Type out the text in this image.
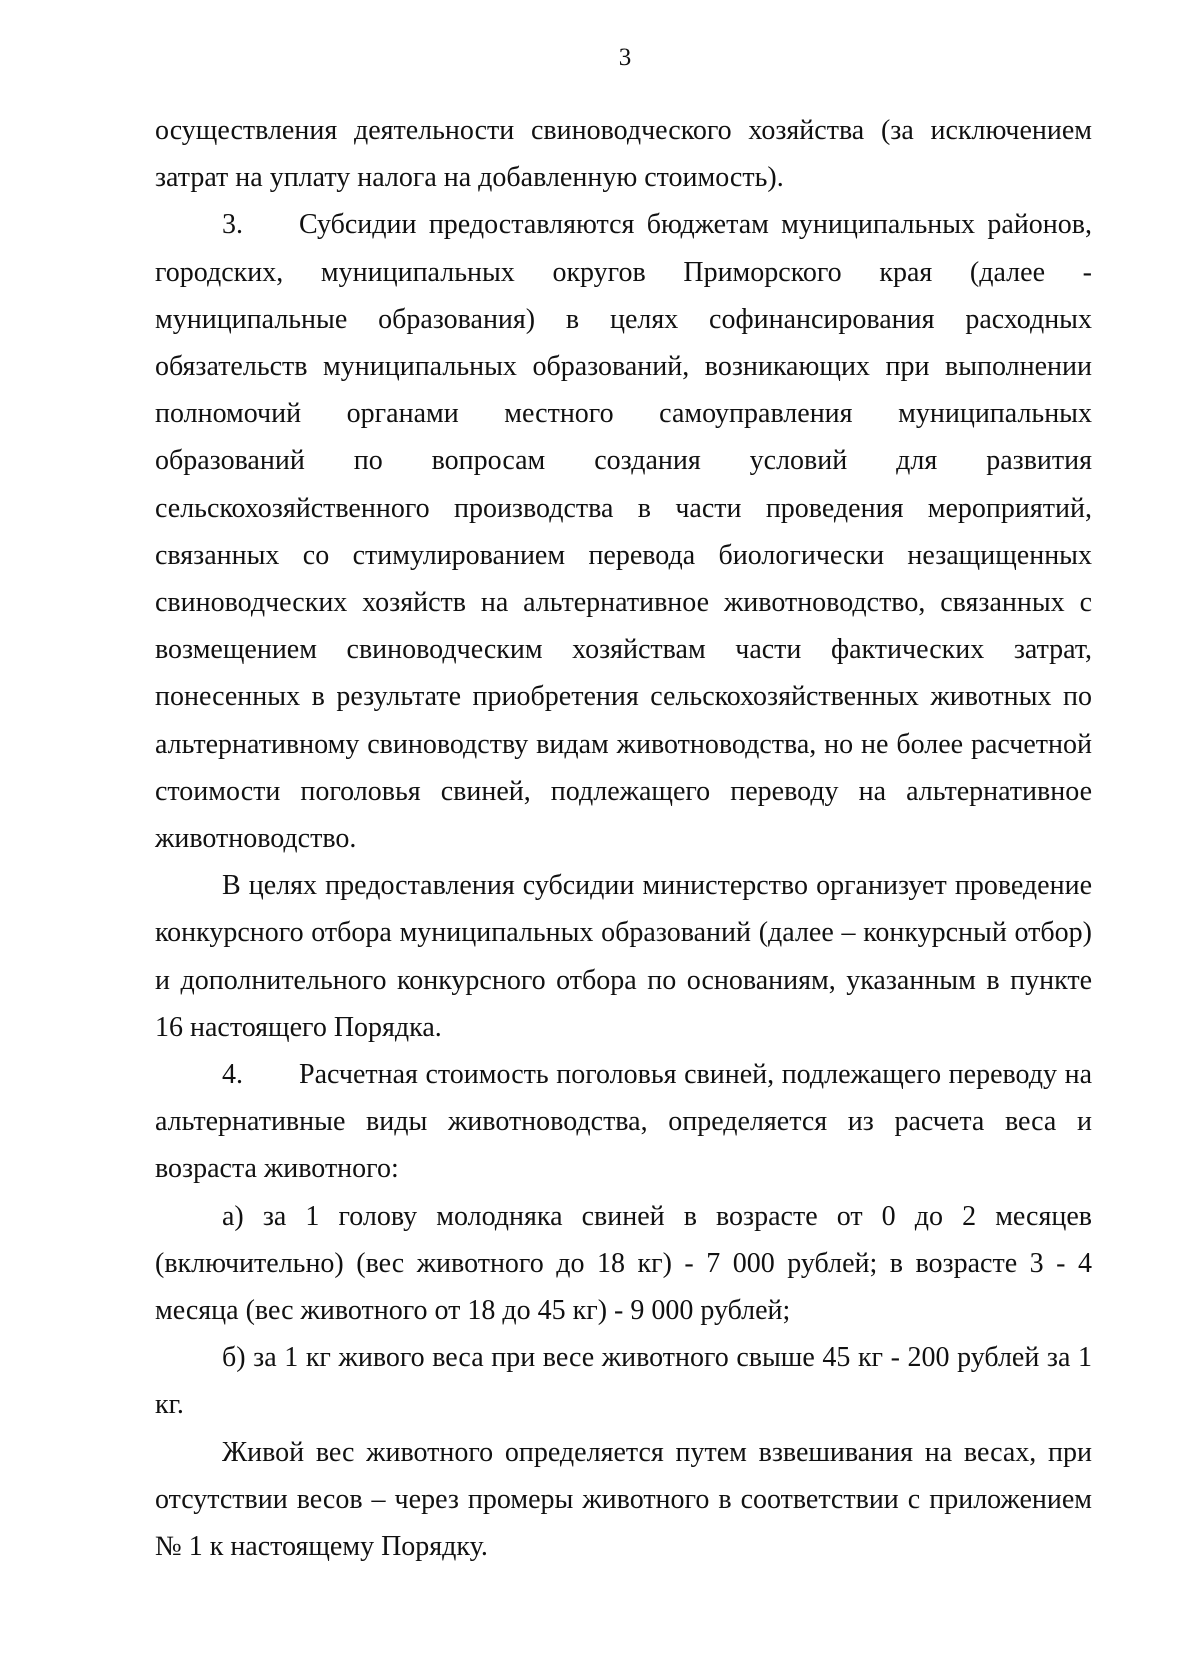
3

осуществления деятельности свиноводческого хозяйства (за исключением затрат на уплату налога на добавленную стоимость).

3.  Субсидии предоставляются бюджетам муниципальных районов, городских, муниципальных округов Приморского края (далее - муниципальные образования) в целях софинансирования расходных обязательств муниципальных образований, возникающих при выполнении полномочий органами местного самоуправления муниципальных образований по вопросам создания условий для развития сельскохозяйственного производства в части проведения мероприятий, связанных со стимулированием перевода биологически незащищенных свиноводческих хозяйств на альтернативное животноводство, связанных с возмещением свиноводческим хозяйствам части фактических затрат, понесенных в результате приобретения сельскохозяйственных животных по альтернативному свиноводству видам животноводства, но не более расчетной стоимости поголовья свиней, подлежащего переводу на альтернативное животноводство.

В целях предоставления субсидии министерство организует проведение конкурсного отбора муниципальных образований (далее – конкурсный отбор) и дополнительного конкурсного отбора по основаниям, указанным в пункте 16 настоящего Порядка.

4.  Расчетная стоимость поголовья свиней, подлежащего переводу на альтернативные виды животноводства, определяется из расчета веса и возраста животного:

а) за 1 голову молодняка свиней в возрасте от 0 до 2 месяцев (включительно) (вес животного до 18 кг) - 7 000 рублей; в возрасте 3 - 4 месяца (вес животного от 18 до 45 кг) - 9 000 рублей;

б) за 1 кг живого веса при весе животного свыше 45 кг - 200 рублей за 1 кг.

Живой вес животного определяется путем взвешивания на весах, при отсутствии весов – через промеры животного в соответствии с приложением № 1 к настоящему Порядку.
